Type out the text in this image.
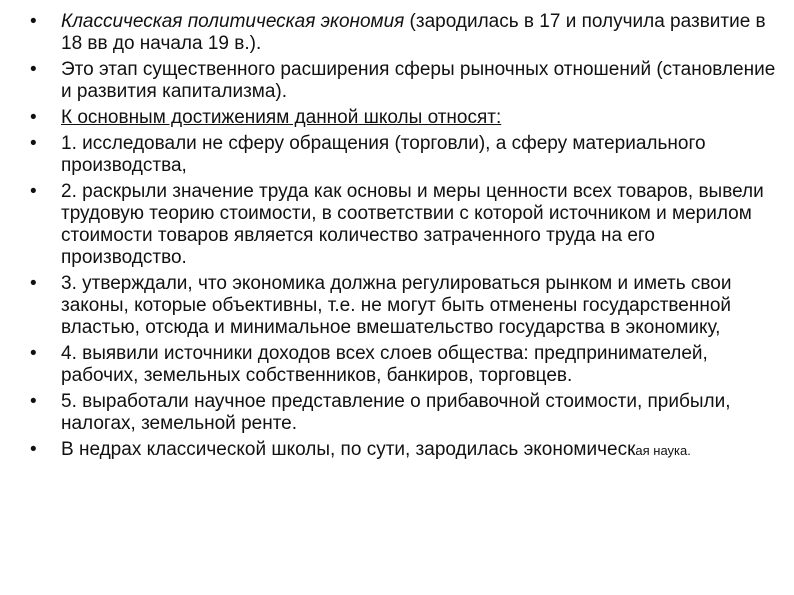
•	Классическая политическая экономия (зародилась в 17 и получила развитие в 18 вв до начала 19 в.).
•	Это этап существенного расширения сферы рыночных отношений (становление и развития капитализма).
•	К основным достижениям данной школы относят:
•	1. исследовали не сферу обращения (торговли), а сферу материального производства,
•	2. раскрыли значение труда как основы и меры ценности всех товаров, вывели трудовую теорию стоимости, в соответствии с которой источником и мерилом стоимости товаров является количество затраченного труда на его производство.
•	3. утверждали, что экономика должна регулироваться рынком и иметь свои законы, которые объективны, т.е. не могут быть отменены государственной властью, отсюда и минимальное вмешательство государства в экономику,
•	4. выявили источники доходов всех слоев общества: предпринимателей, рабочих, земельных собственников, банкиров, торговцев.
•	5. выработали научное представление о прибавочной стоимости, прибыли, налогах, земельной ренте.
•	В недрах классической школы, по сути, зародилась экономическая наука.
